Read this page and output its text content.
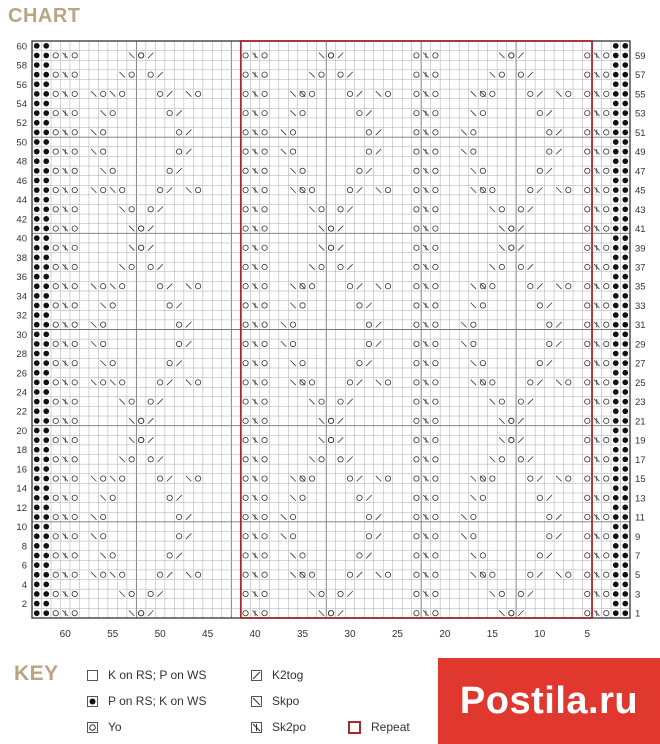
CHART
2
4
6
8
10
12
14
16
18
20
22
24
26
28
30
32
34
36
38
40
42
44
46
48
50
52
54
56
58
60
1
3
5
7
9
11
13
15
17
19
21
23
25
27
29
31
33
35
37
39
41
43
45
47
49
51
53
55
57
59
60	55	50	45	40	35	30	25	20	15	10	5
KEY	K on RS; P on WS
P on RS; K on WS
Yo
K2tog
Skpo
Sk2po	Repeat
Postila.ru
